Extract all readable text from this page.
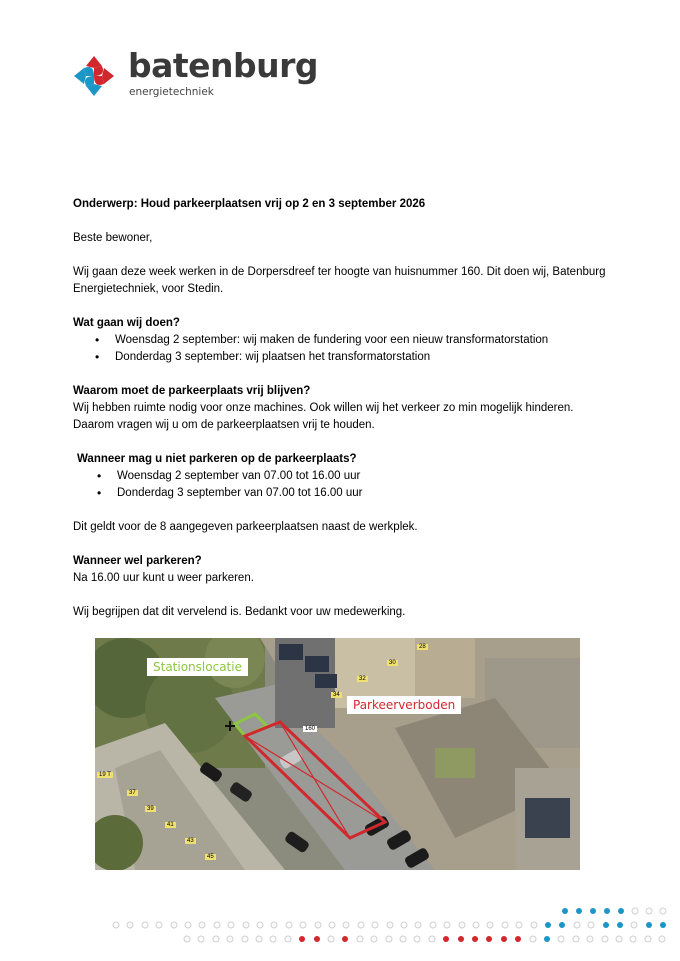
batenburg
energietechniek

Onderwerp: Houd parkeerplaatsen vrij op 2 en 3 september 2026

Beste bewoner,

Wij gaan deze week werken in de Dorpersdreef ter hoogte van huisnummer 160. Dit doen wij, Batenburg Energietechniek, voor Stedin.

Wat gaan wij doen?

• Woensdag 2 september: wij maken de fundering voor een nieuw transformatorstation
• Donderdag 3 september: wij plaatsen het transformatorstation

Waarom moet de parkeerplaats vrij blijven?

Wij hebben ruimte nodig voor onze machines. Ook willen wij het verkeer zo min mogelijk hinderen.

Daarom vragen wij u om de parkeerplaatsen vrij te houden.

Wanneer mag u niet parkeren op de parkeerplaats?

• Woensdag 2 september van 07.00 tot 16.00 uur
• Donderdag 3 september van 07.00 tot 16.00 uur

Dit geldt voor de 8 aangegeven parkeerplaatsen naast de werkplek.

Wanneer wel parkeren?

Na 16.00 uur kunt u weer parkeren.

Wij begrijpen dat dit vervelend is. Bedankt voor uw medewerking.

Stationslocatie
Parkeerverboden
19 T
37
39
41
43
45
30
32
34
160
28
